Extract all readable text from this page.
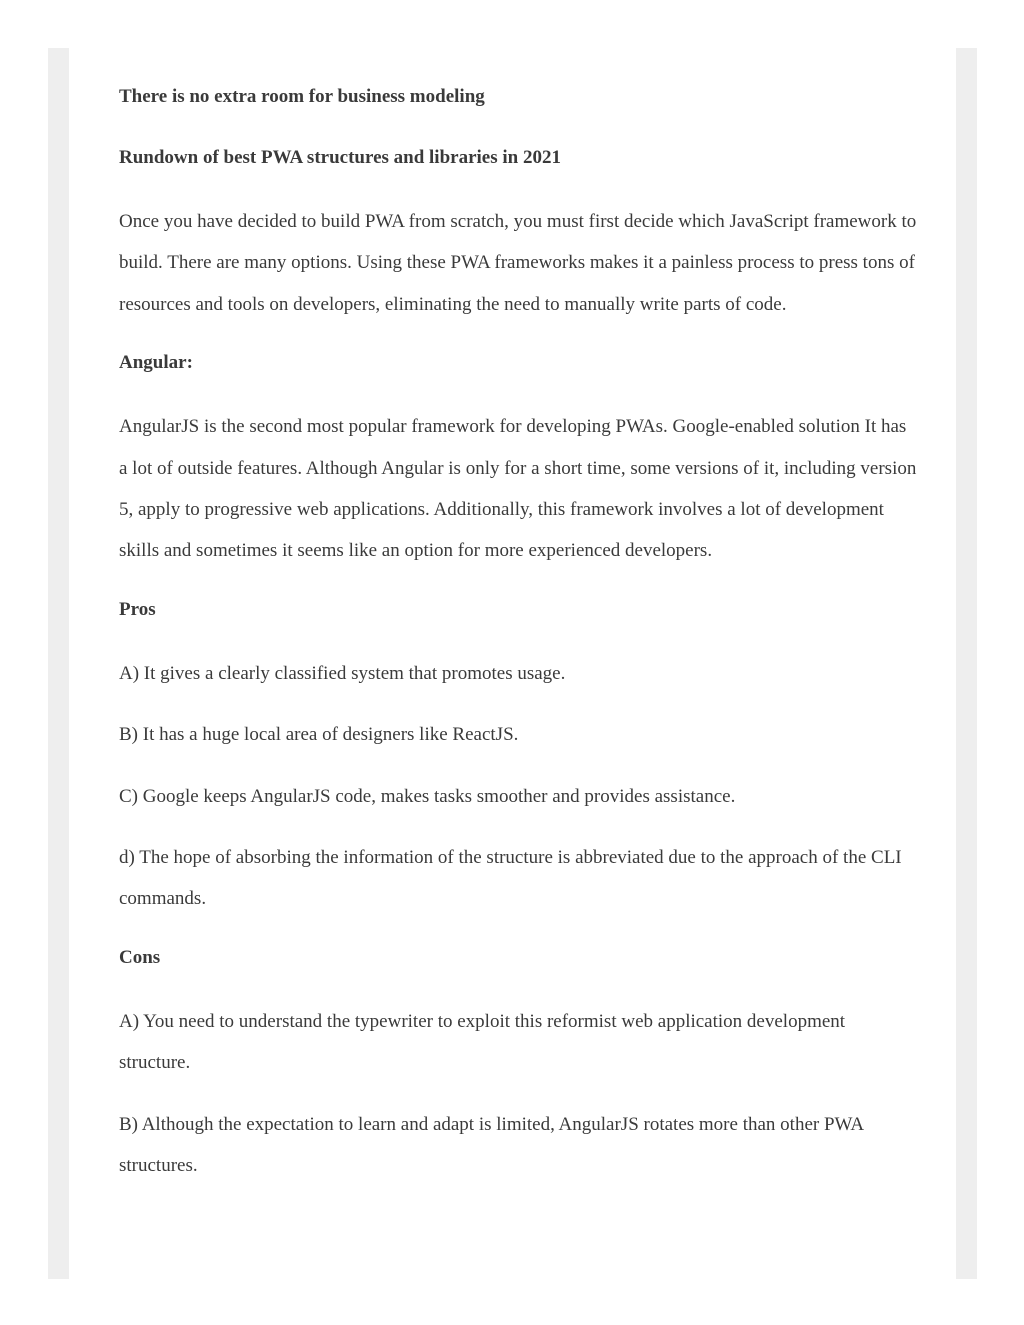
There is no extra room for business modeling

Rundown of best PWA structures and libraries in 2021

Once you have decided to build PWA from scratch, you must first decide which JavaScript framework to build. There are many options. Using these PWA frameworks makes it a painless process to press tons of resources and tools on developers, eliminating the need to manually write parts of code.

Angular:

AngularJS is the second most popular framework for developing PWAs. Google-enabled solution It has a lot of outside features. Although Angular is only for a short time, some versions of it, including version 5, apply to progressive web applications. Additionally, this framework involves a lot of development skills and sometimes it seems like an option for more experienced developers.

Pros

A) It gives a clearly classified system that promotes usage.

B) It has a huge local area of designers like ReactJS.

C) Google keeps AngularJS code, makes tasks smoother and provides assistance.

d) The hope of absorbing the information of the structure is abbreviated due to the approach of the CLI commands.

Cons

A) You need to understand the typewriter to exploit this reformist web application development structure.

B) Although the expectation to learn and adapt is limited, AngularJS rotates more than other PWA structures.
